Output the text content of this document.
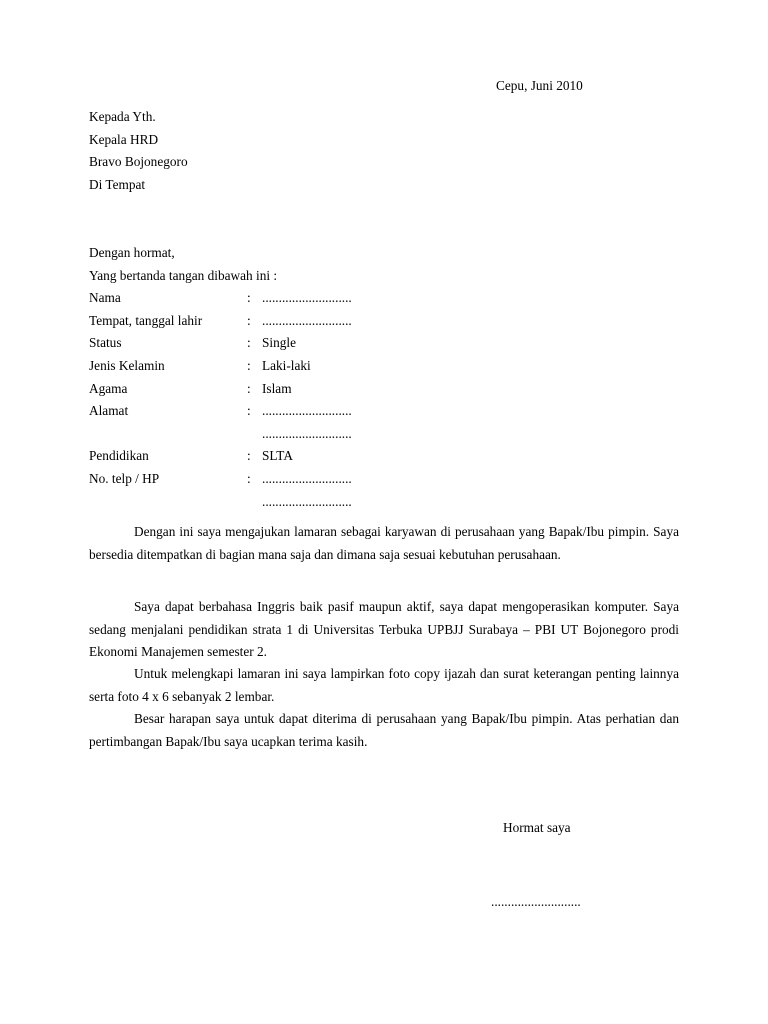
Cepu, Juni 2010
Kepada Yth.
Kepala HRD
Bravo Bojonegoro
Di Tempat
Dengan hormat,
Yang bertanda tangan dibawah ini :
Nama	: ...........................
Tempat, tanggal lahir	: ...........................
Status	: Single
Jenis Kelamin	: Laki-laki
Agama	: Islam
Alamat	: ...........................
...........................
Pendidikan	: SLTA
No. telp / HP	: ...........................
...........................

Dengan ini saya mengajukan lamaran sebagai karyawan di perusahaan yang Bapak/Ibu pimpin. Saya bersedia ditempatkan di bagian mana saja dan dimana saja sesuai kebutuhan perusahaan.

Saya dapat berbahasa Inggris baik pasif maupun aktif, saya dapat mengoperasikan komputer. Saya sedang menjalani pendidikan strata 1 di Universitas Terbuka UPBJJ Surabaya – PBI UT Bojonegoro prodi Ekonomi Manajemen semester 2.

Untuk melengkapi lamaran ini saya lampirkan foto copy ijazah dan surat keterangan penting lainnya serta foto 4 x 6 sebanyak 2 lembar.

Besar harapan saya untuk dapat diterima di perusahaan yang Bapak/Ibu pimpin. Atas perhatian dan pertimbangan Bapak/Ibu saya ucapkan terima kasih.

Hormat saya
...........................
